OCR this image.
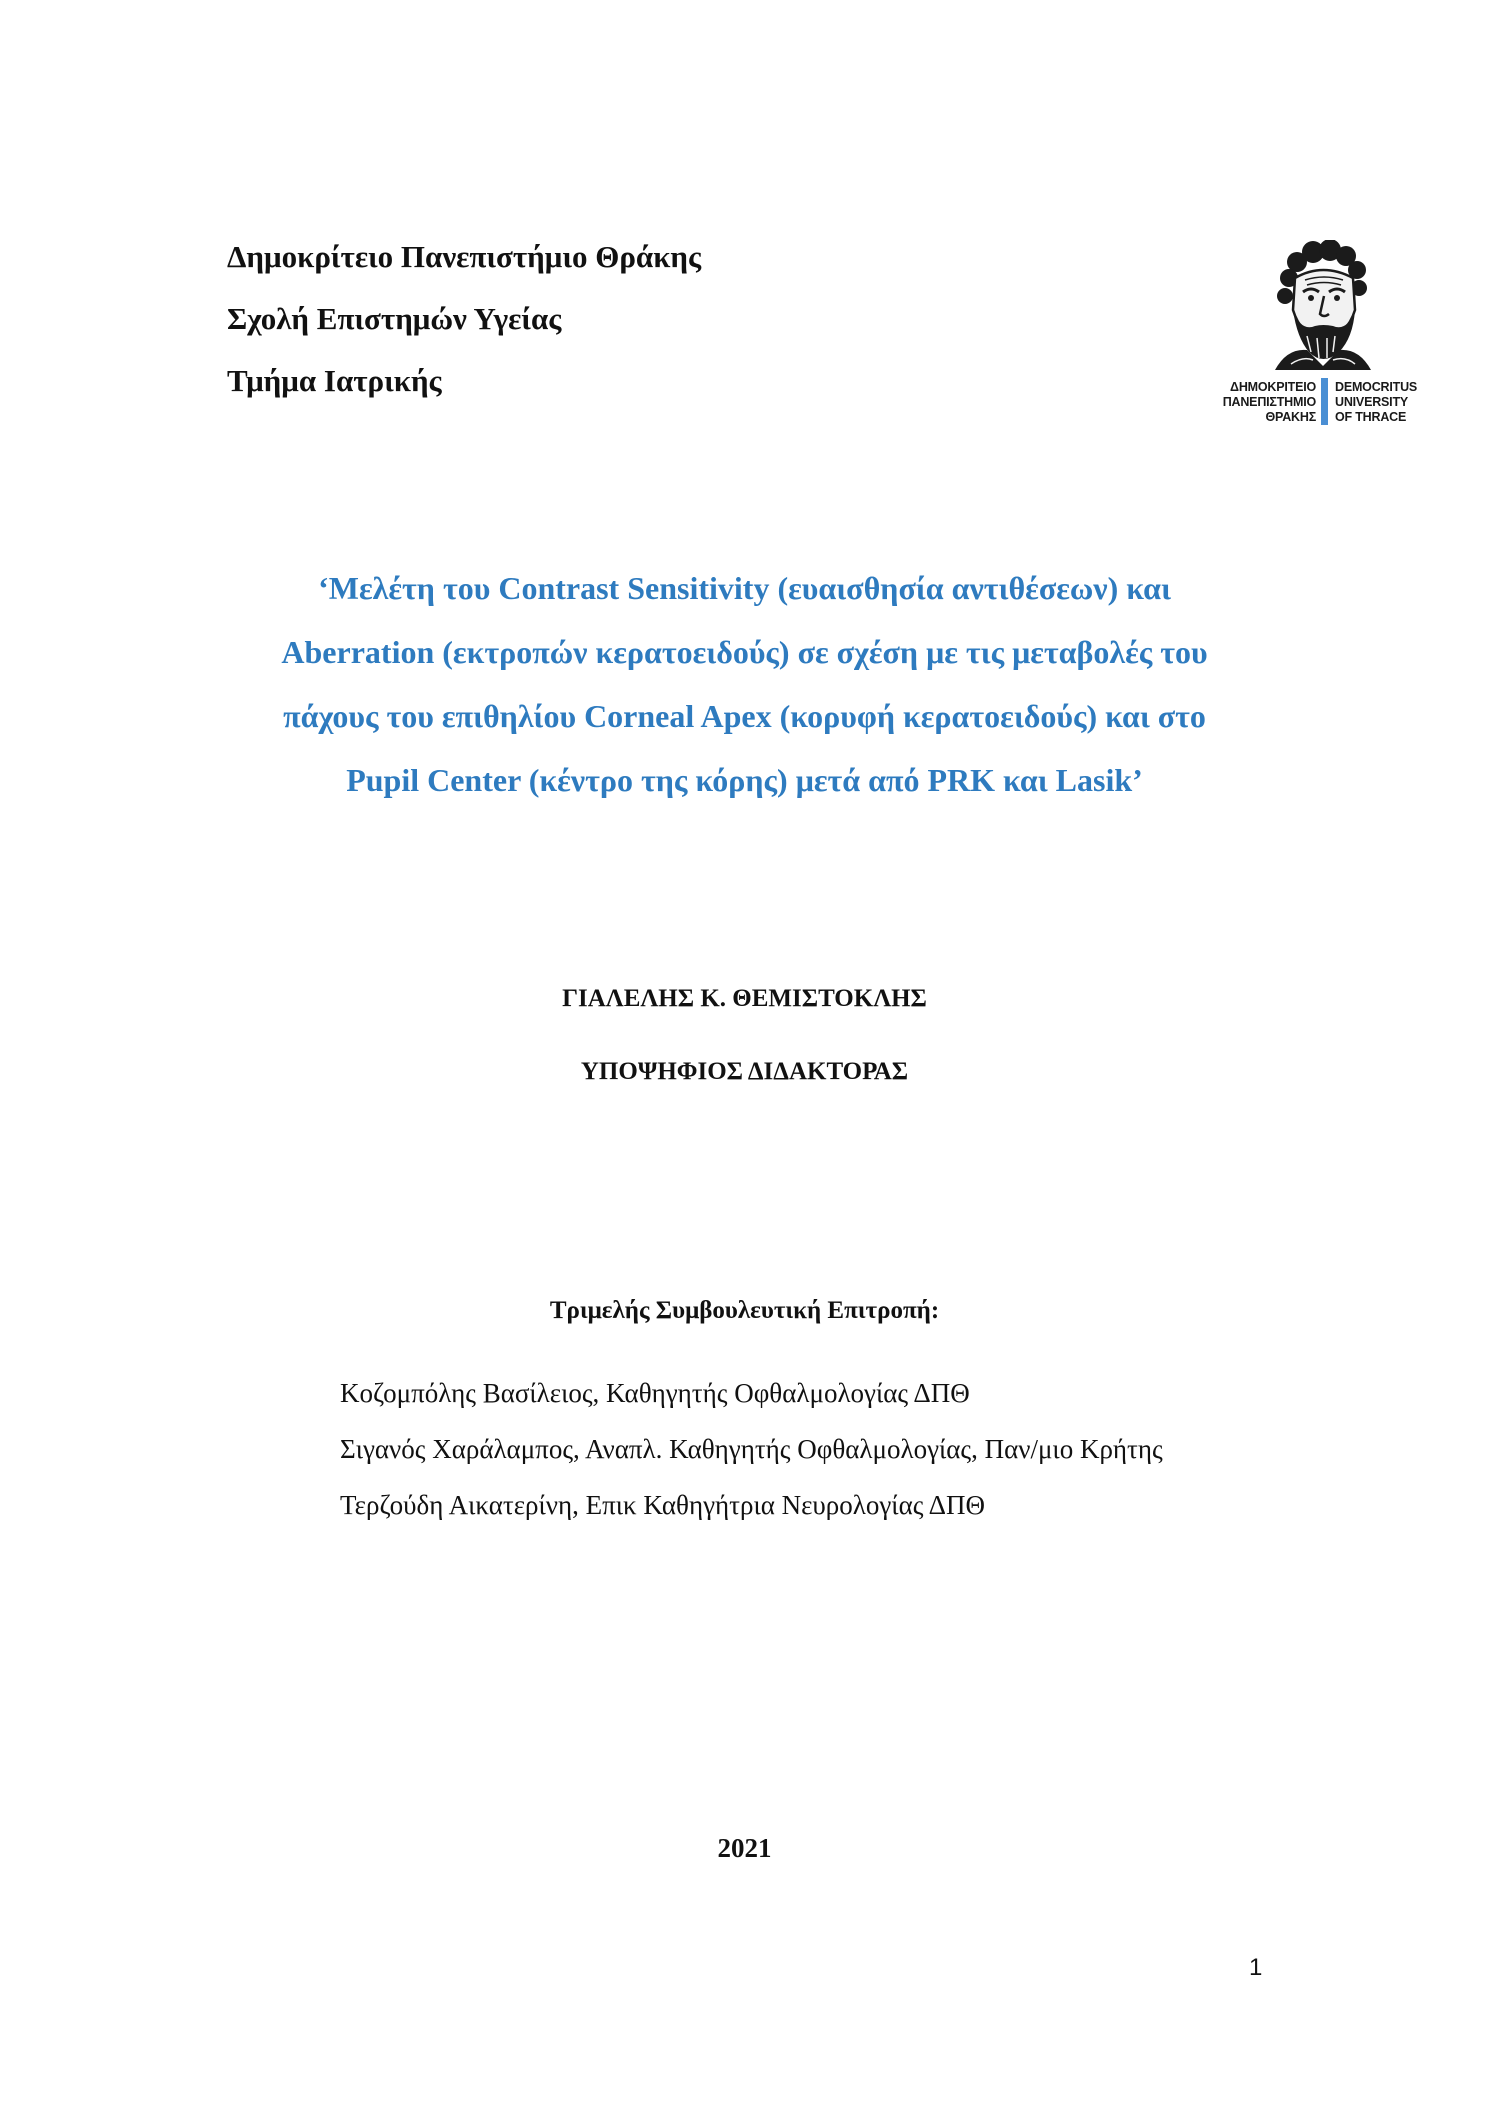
Δημοκρίτειο Πανεπιστήμιο Θράκης
Σχολή Επιστημών Υγείας
Τμήμα Ιατρικής	ΔΗΜΟΚΡΙΤΕΙΟ
ΠΑΝΕΠΙΣΤΗΜΙΟ
ΘΡΑΚΗΣ
DEMOCRITUS
UNIVERSITY
OF THRACE
‘Μελέτη του Contrast Sensitivity (ευαισθησία αντιθέσεων) και
Aberration (εκτροπών κερατοειδούς) σε σχέση με τις μεταβολές του
πάχους του επιθηλίου Corneal Apex (κορυφή κερατοειδούς) και στο
Pupil Center (κέντρο της κόρης) μετά από PRK και Lasik’
ΓΙΑΛΕΛΗΣ Κ. ΘΕΜΙΣΤΟΚΛΗΣ
ΥΠΟΨΗΦΙΟΣ ΔΙΔΑΚΤΟΡΑΣ
Τριμελής Συμβουλευτική Επιτροπή:
Κοζομπόλης Βασίλειος, Καθηγητής Οφθαλμολογίας ΔΠΘ
Σιγανός Χαράλαμπος, Αναπλ. Καθηγητής Οφθαλμολογίας, Παν/μιο Κρήτης
Τερζούδη Αικατερίνη, Επικ Καθηγήτρια Νευρολογίας ΔΠΘ
2021
1
